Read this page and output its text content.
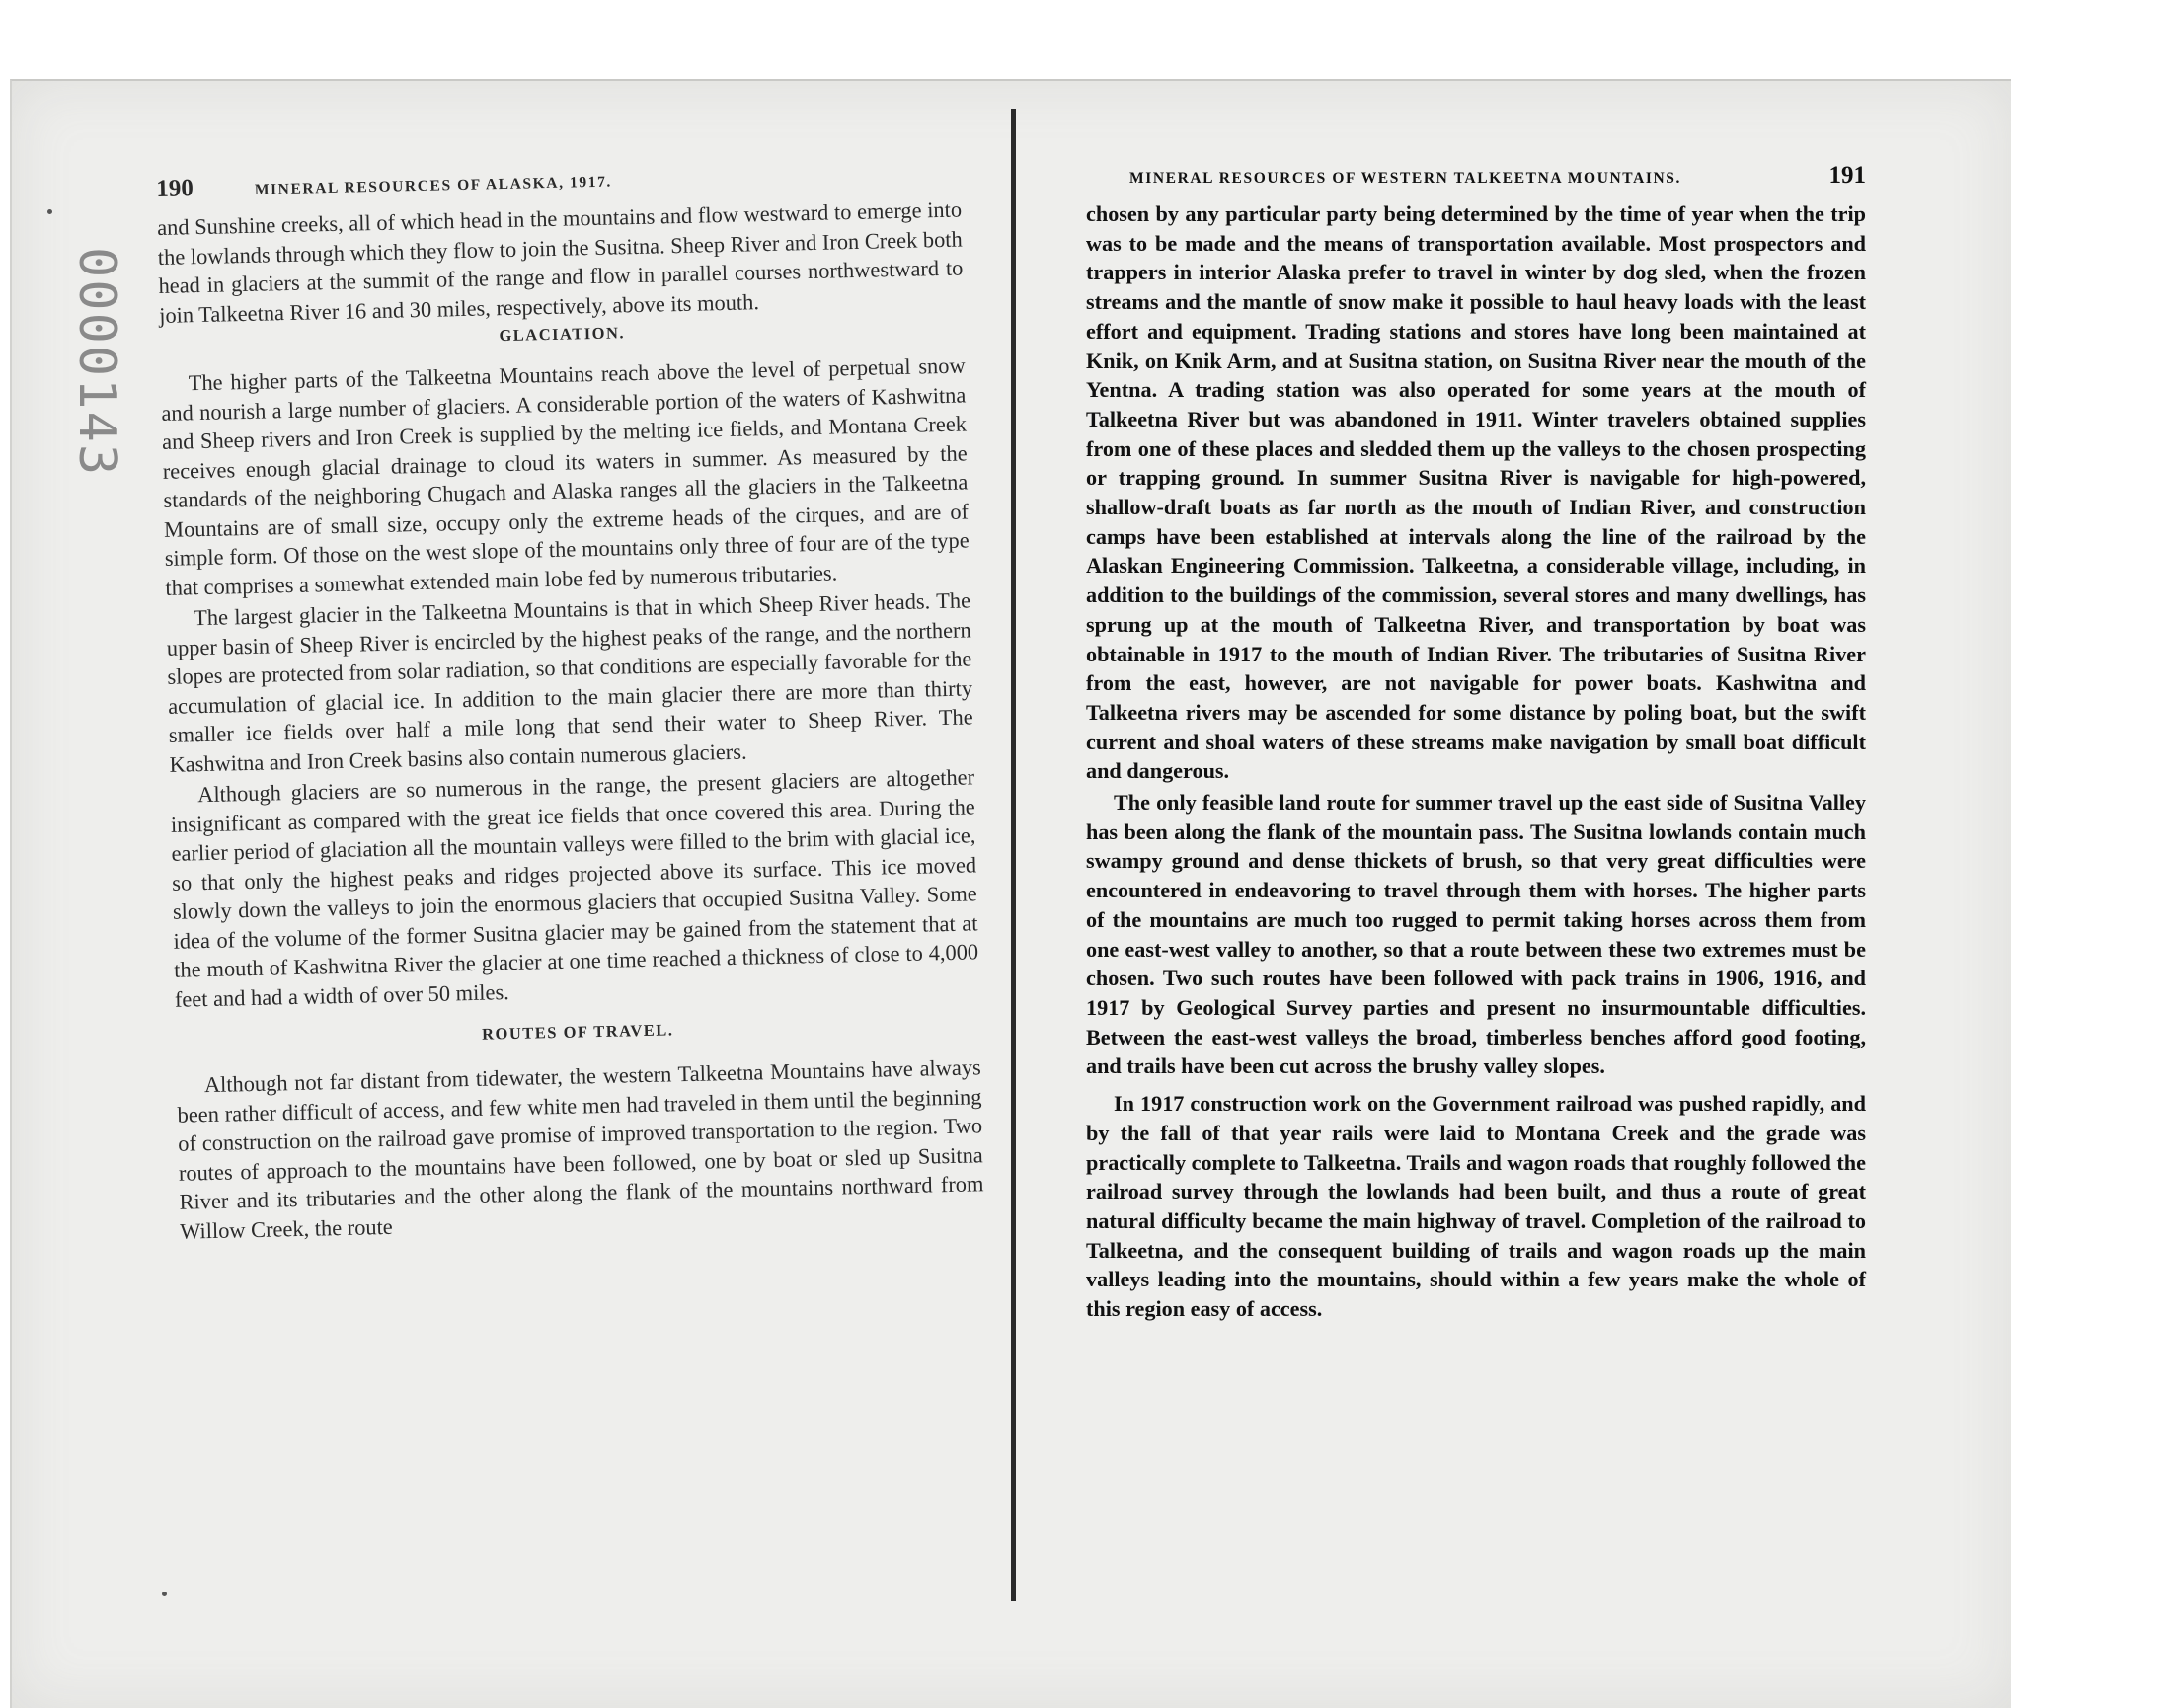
0000143
190	MINERAL RESOURCES OF ALASKA, 1917.

and Sunshine creeks, all of which head in the mountains and flow westward to emerge into the lowlands through which they flow to join the Susitna. Sheep River and Iron Creek both head in glaciers at the summit of the range and flow in parallel courses northwestward to join Talkeetna River 16 and 30 miles, respectively, above its mouth.

GLACIATION.

The higher parts of the Talkeetna Mountains reach above the level of perpetual snow and nourish a large number of glaciers. A considerable portion of the waters of Kashwitna and Sheep rivers and Iron Creek is supplied by the melting ice fields, and Montana Creek receives enough glacial drainage to cloud its waters in summer. As measured by the standards of the neighboring Chugach and Alaska ranges all the glaciers in the Talkeetna Mountains are of small size, occupy only the extreme heads of the cirques, and are of simple form. Of those on the west slope of the mountains only three of four are of the type that comprises a somewhat extended main lobe fed by numerous tributaries.

The largest glacier in the Talkeetna Mountains is that in which Sheep River heads. The upper basin of Sheep River is encircled by the highest peaks of the range, and the northern slopes are protected from solar radiation, so that conditions are especially favorable for the accumulation of glacial ice. In addition to the main glacier there are more than thirty smaller ice fields over half a mile long that send their water to Sheep River. The Kashwitna and Iron Creek basins also contain numerous glaciers.

Although glaciers are so numerous in the range, the present glaciers are altogether insignificant as compared with the great ice fields that once covered this area. During the earlier period of glaciation all the mountain valleys were filled to the brim with glacial ice, so that only the highest peaks and ridges projected above its surface. This ice moved slowly down the valleys to join the enormous glaciers that occupied Susitna Valley. Some idea of the volume of the former Susitna glacier may be gained from the statement that at the mouth of Kashwitna River the glacier at one time reached a thickness of close to 4,000 feet and had a width of over 50 miles.

ROUTES OF TRAVEL.

Although not far distant from tidewater, the western Talkeetna Mountains have always been rather difficult of access, and few white men had traveled in them until the beginning of construction on the railroad gave promise of improved transportation to the region. Two routes of approach to the mountains have been followed, one by boat or sled up Susitna River and its tributaries and the other along the flank of the mountains northward from Willow Creek, the route

MINERAL RESOURCES OF WESTERN TALKEETNA MOUNTAINS.	191

chosen by any particular party being determined by the time of year when the trip was to be made and the means of transportation available. Most prospectors and trappers in interior Alaska prefer to travel in winter by dog sled, when the frozen streams and the mantle of snow make it possible to haul heavy loads with the least effort and equipment. Trading stations and stores have long been maintained at Knik, on Knik Arm, and at Susitna station, on Susitna River near the mouth of the Yentna. A trading station was also operated for some years at the mouth of Talkeetna River but was abandoned in 1911. Winter travelers obtained supplies from one of these places and sledded them up the valleys to the chosen prospecting or trapping ground. In summer Susitna River is navigable for high-powered, shallow-draft boats as far north as the mouth of Indian River, and construction camps have been established at intervals along the line of the railroad by the Alaskan Engineering Commission. Talkeetna, a considerable village, including, in addition to the buildings of the commission, several stores and many dwellings, has sprung up at the mouth of Talkeetna River, and transportation by boat was obtainable in 1917 to the mouth of Indian River. The tributaries of Susitna River from the east, however, are not navigable for power boats. Kashwitna and Talkeetna rivers may be ascended for some distance by poling boat, but the swift current and shoal waters of these streams make navigation by small boat difficult and dangerous.

The only feasible land route for summer travel up the east side of Susitna Valley has been along the flank of the mountain pass. The Susitna lowlands contain much swampy ground and dense thickets of brush, so that very great difficulties were encountered in endeavoring to travel through them with horses. The higher parts of the mountains are much too rugged to permit taking horses across them from one east-west valley to another, so that a route between these two extremes must be chosen. Two such routes have been followed with pack trains in 1906, 1916, and 1917 by Geological Survey parties and present no insurmountable difficulties. Between the east-west valleys the broad, timberless benches afford good footing, and trails have been cut across the brushy valley slopes.

In 1917 construction work on the Government railroad was pushed rapidly, and by the fall of that year rails were laid to Montana Creek and the grade was practically complete to Talkeetna. Trails and wagon roads that roughly followed the railroad survey through the lowlands had been built, and thus a route of great natural difficulty became the main highway of travel. Completion of the railroad to Talkeetna, and the consequent building of trails and wagon roads up the main valleys leading into the mountains, should within a few years make the whole of this region easy of access.
